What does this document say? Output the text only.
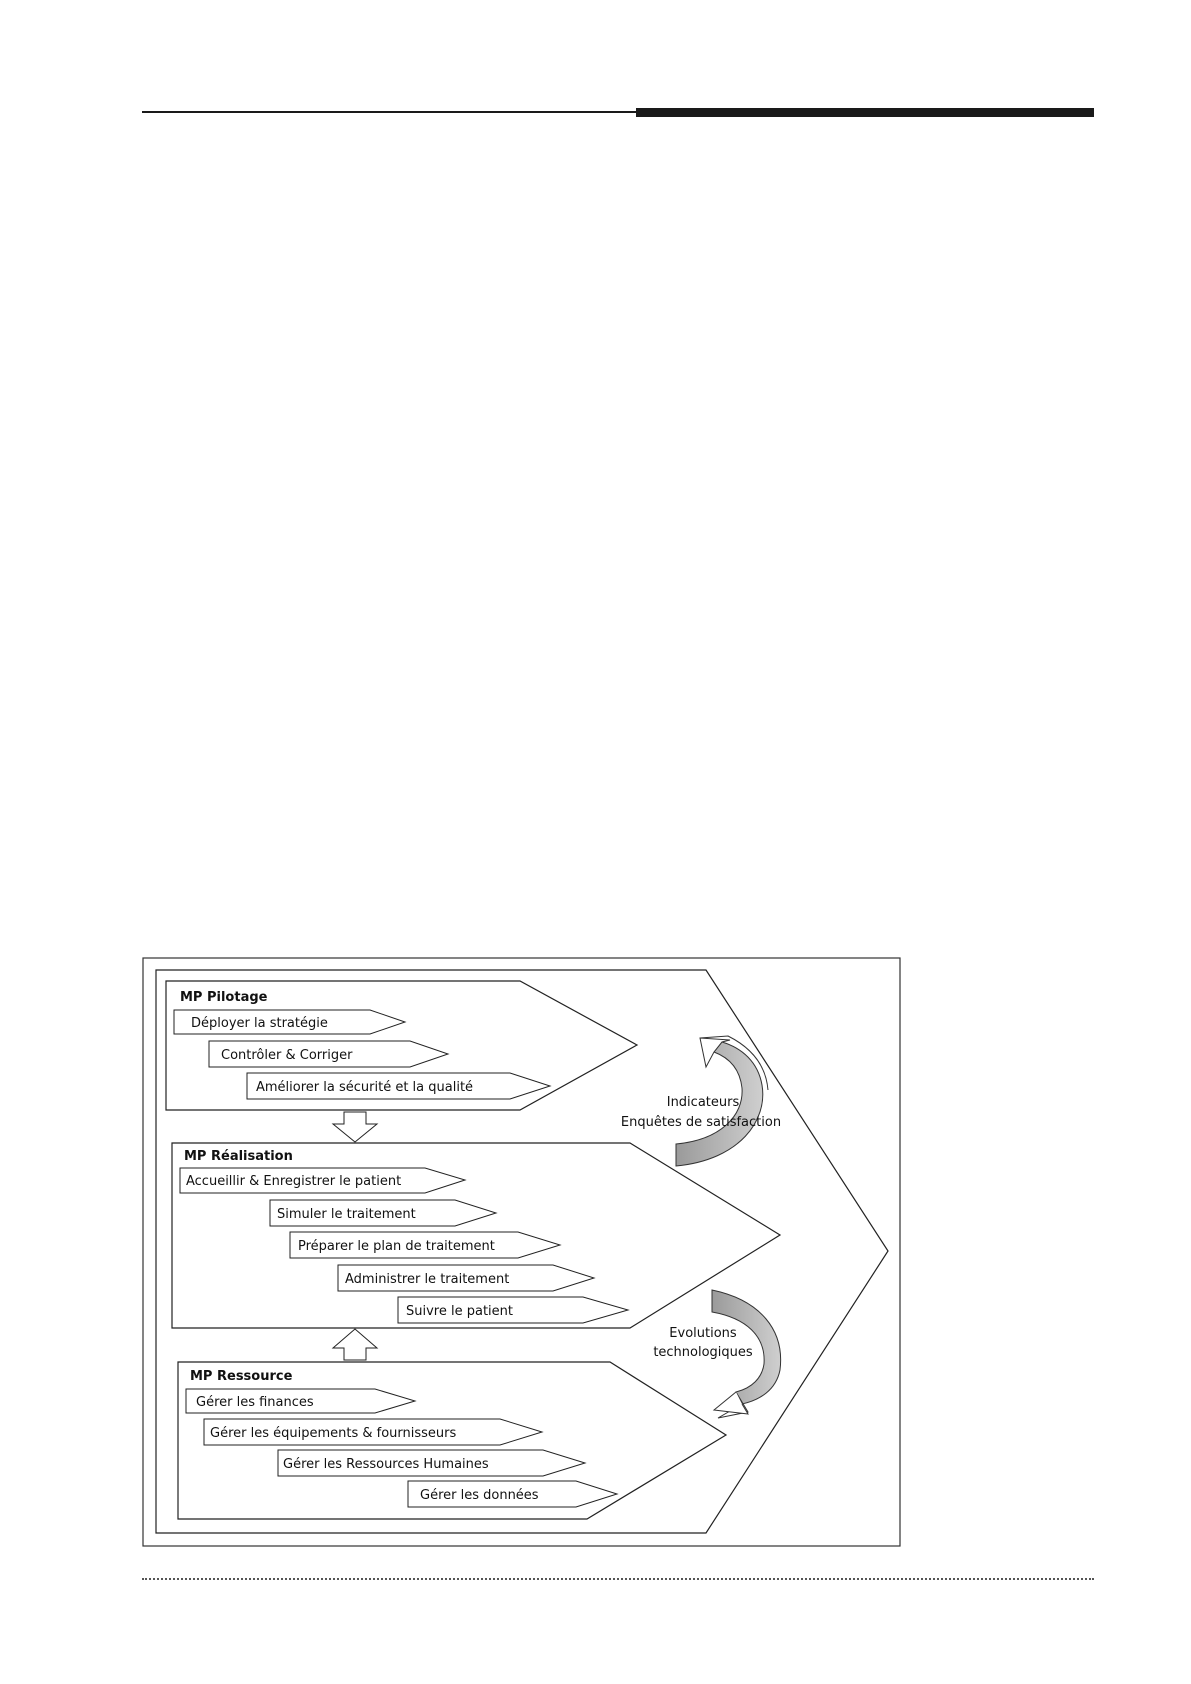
MP Pilotage
Déployer la stratégie
Contrôler & Corriger
Améliorer la sécurité et la qualité
MP Réalisation
Accueillir & Enregistrer le patient
Simuler le traitement
Préparer le plan de traitement
Administrer le traitement
Suivre le patient
MP Ressource
Gérer les finances
Gérer les équipements & fournisseurs
Gérer les Ressources Humaines
Gérer les données
Indicateurs
Enquêtes de satisfaction
Evolutions
technologiques
